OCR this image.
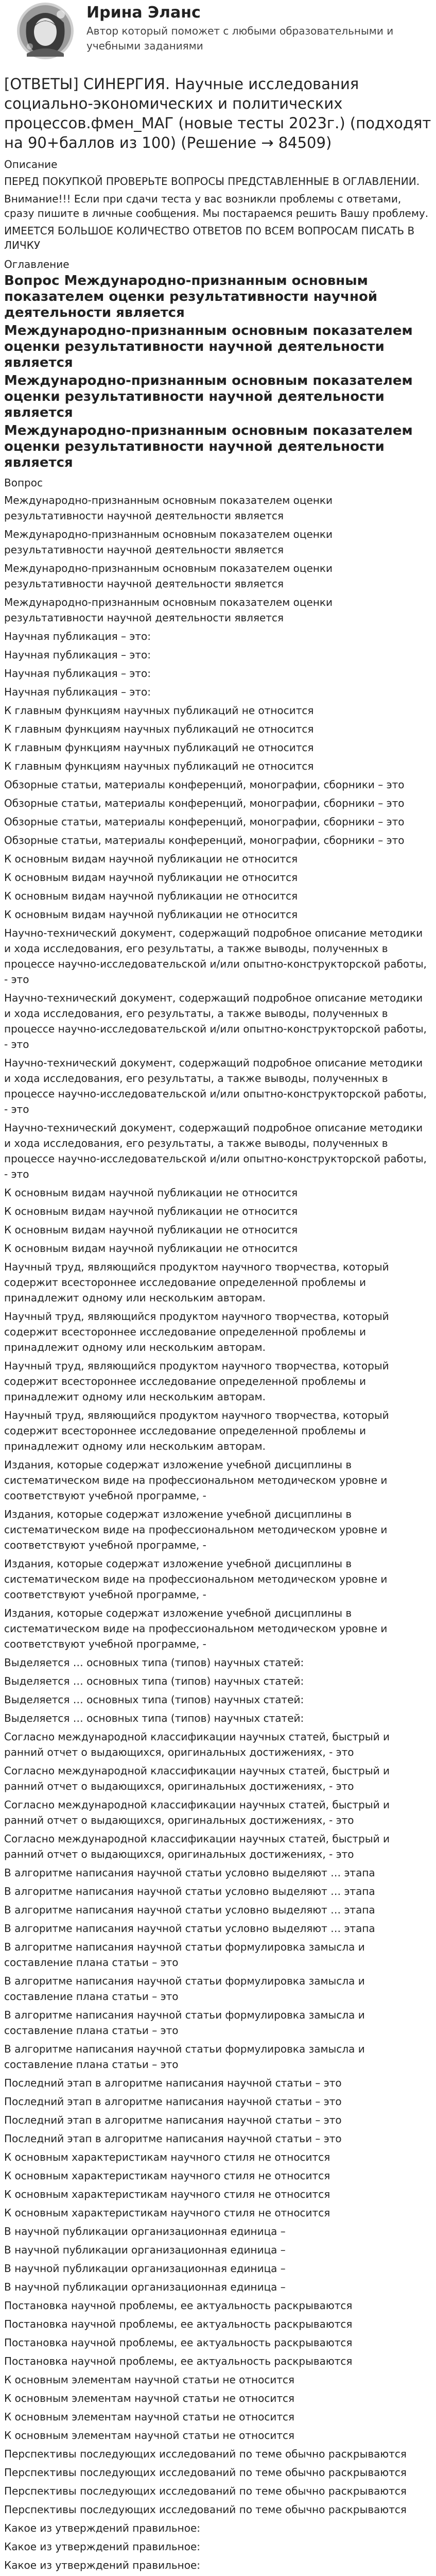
Ирина Эланс
Автор который поможет с любыми образовательными и учебными заданиями
[ОТВЕТЫ] СИНЕРГИЯ. Научные исследования социально-экономических и политических процессов.фмен_МАГ (новые тесты 2023г.) (подходят на 90+баллов из 100) (Решение → 84509)
Описание

ПЕРЕД ПОКУПКОЙ ПРОВЕРЬТЕ ВОПРОСЫ ПРЕДСТАВЛЕННЫЕ В ОГЛАВЛЕНИИ.

Внимание!!! Если при сдачи теста у вас возникли проблемы с ответами, сразу пишите в личные сообщения. Мы постараемся решить Вашу проблему.

ИМЕЕТСЯ БОЛЬШОЕ КОЛИЧЕСТВО ОТВЕТОВ ПО ВСЕМ ВОПРОСАМ ПИСАТЬ В ЛИЧКУ

Оглавление
Вопрос Международно-признанным основным показателем оценки результативности научной деятельности является
Международно-признанным основным показателем оценки результативности научной деятельности является
Международно-признанным основным показателем оценки результативности научной деятельности является
Международно-признанным основным показателем оценки результативности научной деятельности является
Вопрос
Международно-признанным основным показателем оценки результативности научной деятельности является
Международно-признанным основным показателем оценки результативности научной деятельности является
Международно-признанным основным показателем оценки результативности научной деятельности является
Международно-признанным основным показателем оценки результативности научной деятельности является
Научная публикация – это:
Научная публикация – это:
Научная публикация – это:
Научная публикация – это:
К главным функциям научных публикаций не относится
К главным функциям научных публикаций не относится
К главным функциям научных публикаций не относится
К главным функциям научных публикаций не относится
Обзорные статьи, материалы конференций, монографии, сборники – это
Обзорные статьи, материалы конференций, монографии, сборники – это
Обзорные статьи, материалы конференций, монографии, сборники – это
Обзорные статьи, материалы конференций, монографии, сборники – это
К основным видам научной публикации не относится
К основным видам научной публикации не относится
К основным видам научной публикации не относится
К основным видам научной публикации не относится
Научно-технический документ, содержащий подробное описание методики и хода исследования, его результаты, а также выводы, полученных в процессе научно-исследовательской и/или опытно-конструкторской работы, - это
Научно-технический документ, содержащий подробное описание методики и хода исследования, его результаты, а также выводы, полученных в процессе научно-исследовательской и/или опытно-конструкторской работы, - это
Научно-технический документ, содержащий подробное описание методики и хода исследования, его результаты, а также выводы, полученных в процессе научно-исследовательской и/или опытно-конструкторской работы, - это
Научно-технический документ, содержащий подробное описание методики и хода исследования, его результаты, а также выводы, полученных в процессе научно-исследовательской и/или опытно-конструкторской работы, - это
К основным видам научной публикации не относится
К основным видам научной публикации не относится
К основным видам научной публикации не относится
К основным видам научной публикации не относится
Научный труд, являющийся продуктом научного творчества, который содержит всестороннее исследование определенной проблемы и принадлежит одному или нескольким авторам.
Научный труд, являющийся продуктом научного творчества, который содержит всестороннее исследование определенной проблемы и принадлежит одному или нескольким авторам.
Научный труд, являющийся продуктом научного творчества, который содержит всестороннее исследование определенной проблемы и принадлежит одному или нескольким авторам.
Научный труд, являющийся продуктом научного творчества, который содержит всестороннее исследование определенной проблемы и принадлежит одному или нескольким авторам.
Издания, которые содержат изложение учебной дисциплины в систематическом виде на профессиональном методическом уровне и соответствуют учебной программе, -
Издания, которые содержат изложение учебной дисциплины в систематическом виде на профессиональном методическом уровне и соответствуют учебной программе, -
Издания, которые содержат изложение учебной дисциплины в систематическом виде на профессиональном методическом уровне и соответствуют учебной программе, -
Издания, которые содержат изложение учебной дисциплины в систематическом виде на профессиональном методическом уровне и соответствуют учебной программе, -
Выделяется … основных типа (типов) научных статей:
Выделяется … основных типа (типов) научных статей:
Выделяется … основных типа (типов) научных статей:
Выделяется … основных типа (типов) научных статей:
Согласно международной классификации научных статей, быстрый и ранний отчет о выдающихся, оригинальных достижениях, - это
Согласно международной классификации научных статей, быстрый и ранний отчет о выдающихся, оригинальных достижениях, - это
Согласно международной классификации научных статей, быстрый и ранний отчет о выдающихся, оригинальных достижениях, - это
Согласно международной классификации научных статей, быстрый и ранний отчет о выдающихся, оригинальных достижениях, - это
В алгоритме написания научной статьи условно выделяют … этапа
В алгоритме написания научной статьи условно выделяют … этапа
В алгоритме написания научной статьи условно выделяют … этапа
В алгоритме написания научной статьи условно выделяют … этапа
В алгоритме написания научной статьи формулировка замысла и составление плана статьи – это
В алгоритме написания научной статьи формулировка замысла и составление плана статьи – это
В алгоритме написания научной статьи формулировка замысла и составление плана статьи – это
В алгоритме написания научной статьи формулировка замысла и составление плана статьи – это
Последний этап в алгоритме написания научной статьи – это
Последний этап в алгоритме написания научной статьи – это
Последний этап в алгоритме написания научной статьи – это
Последний этап в алгоритме написания научной статьи – это
К основным характеристикам научного стиля не относится
К основным характеристикам научного стиля не относится
К основным характеристикам научного стиля не относится
К основным характеристикам научного стиля не относится
В научной публикации организационная единица –
В научной публикации организационная единица –
В научной публикации организационная единица –
В научной публикации организационная единица –
Постановка научной проблемы, ее актуальность раскрываются
Постановка научной проблемы, ее актуальность раскрываются
Постановка научной проблемы, ее актуальность раскрываются
Постановка научной проблемы, ее актуальность раскрываются
К основным элементам научной статьи не относится
К основным элементам научной статьи не относится
К основным элементам научной статьи не относится
К основным элементам научной статьи не относится
Перспективы последующих исследований по теме обычно раскрываются
Перспективы последующих исследований по теме обычно раскрываются
Перспективы последующих исследований по теме обычно раскрываются
Перспективы последующих исследований по теме обычно раскрываются
Какое из утверждений правильное:
Какое из утверждений правильное:
Какое из утверждений правильное:
